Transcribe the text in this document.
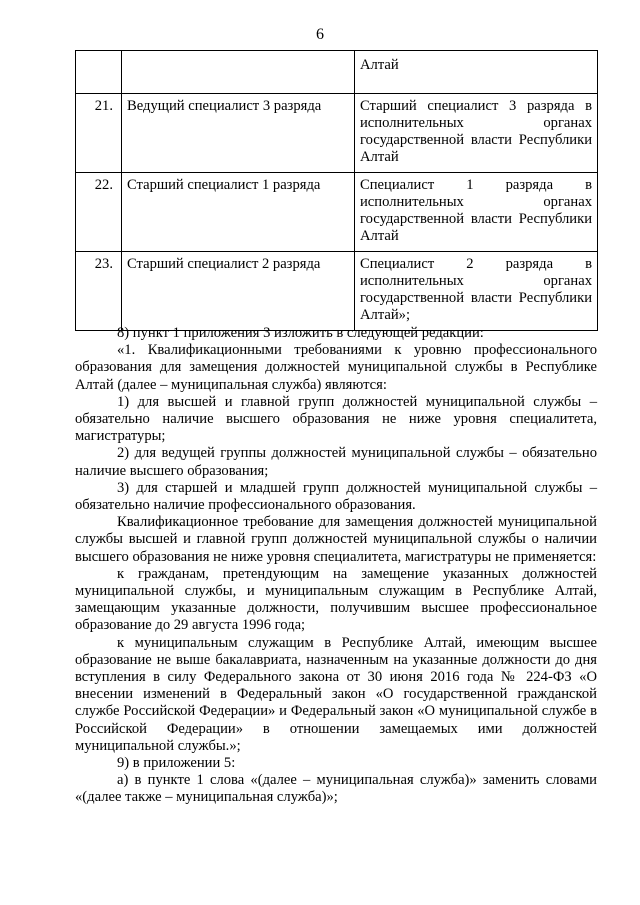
6
		Алтай
21.	Ведущий специалист 3 разряда	Старший специалист 3 разряда в исполнительных органах государственной власти Республики Алтай
22.	Старший специалист 1 разряда	Специалист 1 разряда в исполнительных органах государственной власти Республики Алтай
23.	Старший специалист 2 разряда	Специалист 2 разряда в исполнительных органах государственной власти Республики Алтай»;

8) пункт 1 приложения 3 изложить в следующей редакции:

«1. Квалификационными требованиями к уровню профессионального образования для замещения должностей муниципальной службы в Республике Алтай (далее – муниципальная служба) являются:

1) для высшей и главной групп должностей муниципальной службы – обязательно наличие высшего образования не ниже уровня специалитета, магистратуры;

2) для ведущей группы должностей муниципальной службы – обязательно наличие высшего образования;

3) для старшей и младшей групп должностей муниципальной службы – обязательно наличие профессионального образования.

Квалификационное требование для замещения должностей муниципальной службы высшей и главной групп должностей муниципальной службы о наличии высшего образования не ниже уровня специалитета, магистратуры не применяется:

к гражданам, претендующим на замещение указанных должностей муниципальной службы, и муниципальным служащим в Республике Алтай, замещающим указанные должности, получившим высшее профессиональное образование до 29 августа 1996 года;

к муниципальным служащим в Республике Алтай, имеющим высшее образование не выше бакалавриата, назначенным на указанные должности до дня вступления в силу Федерального закона от 30 июня 2016 года № 224-ФЗ «О внесении изменений в Федеральный закон «О государственной гражданской службе Российской Федерации» и Федеральный закон «О муниципальной службе в Российской Федерации» в отношении замещаемых ими должностей муниципальной службы.»;

9) в приложении 5:

а) в пункте 1 слова «(далее – муниципальная служба)» заменить словами «(далее также – муниципальная служба)»;
